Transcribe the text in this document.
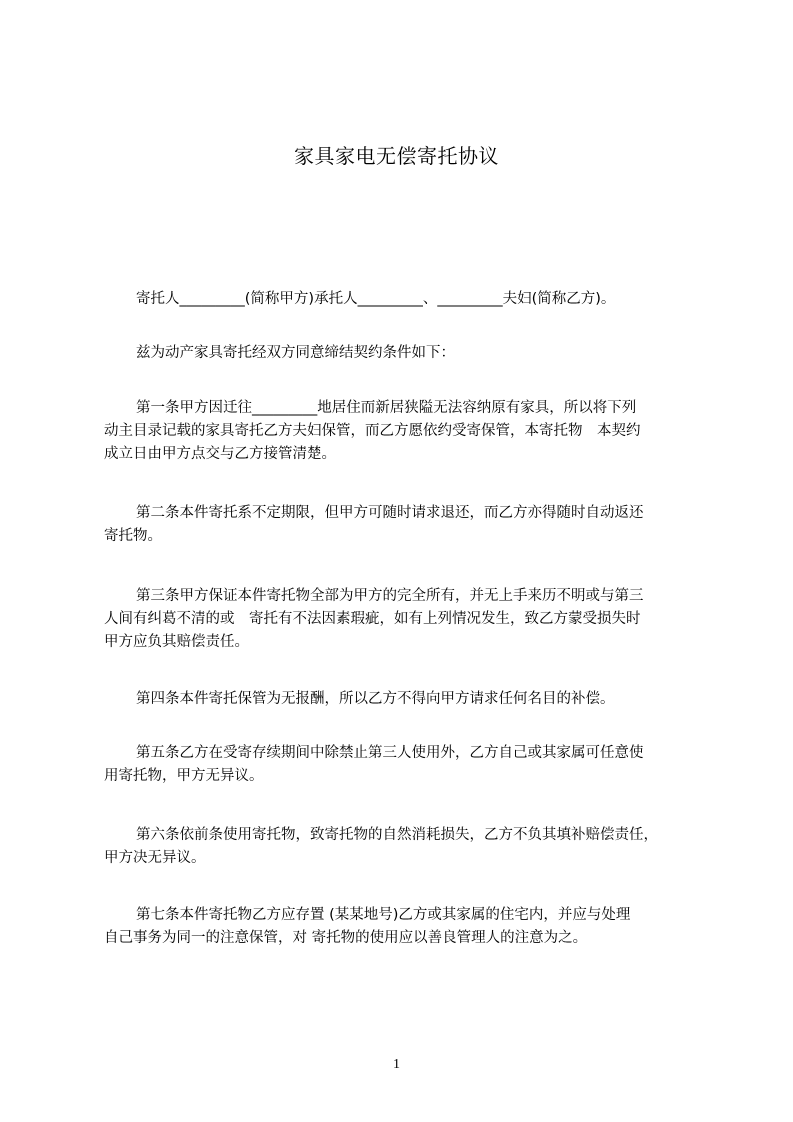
家具家电无偿寄托协议
寄托人_________(简称甲方)承托人_________、_________夫妇(简称乙方)。
兹为动产家具寄托经双方同意缔结契约条件如下：
第一条甲方因迁往_________地居住而新居狭隘无法容纳原有家具，所以将下列
动主目录记载的家具寄托乙方夫妇保管，而乙方愿依约受寄保管，本寄托物　本契约
成立日由甲方点交与乙方接管清楚。
第二条本件寄托系不定期限，但甲方可随时请求退还，而乙方亦得随时自动返还
寄托物。
第三条甲方保证本件寄托物全部为甲方的完全所有，并无上手来历不明或与第三
人间有纠葛不清的或　寄托有不法因素瑕疵，如有上列情况发生，致乙方蒙受损失时
甲方应负其赔偿责任。
第四条本件寄托保管为无报酬，所以乙方不得向甲方请求任何名目的补偿。
第五条乙方在受寄存续期间中除禁止第三人使用外，乙方自己或其家属可任意使
用寄托物，甲方无异议。
第六条依前条使用寄托物，致寄托物的自然消耗损失，乙方不负其填补赔偿责任，
甲方决无异议。
第七条本件寄托物乙方应存置 (某某地号)乙方或其家属的住宅内，并应与处理
自己事务为同一的注意保管，对 寄托物的使用应以善良管理人的注意为之。
1
